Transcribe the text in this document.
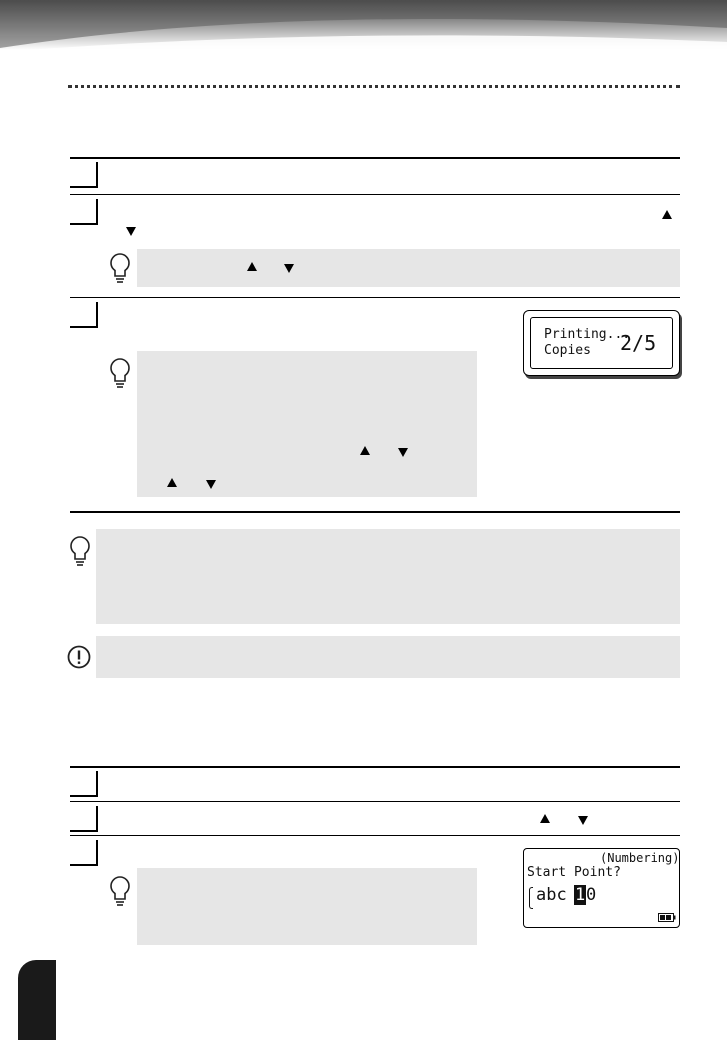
Printing...
Copies 2/5
(Numbering)
Start Point?
abc 1 0
